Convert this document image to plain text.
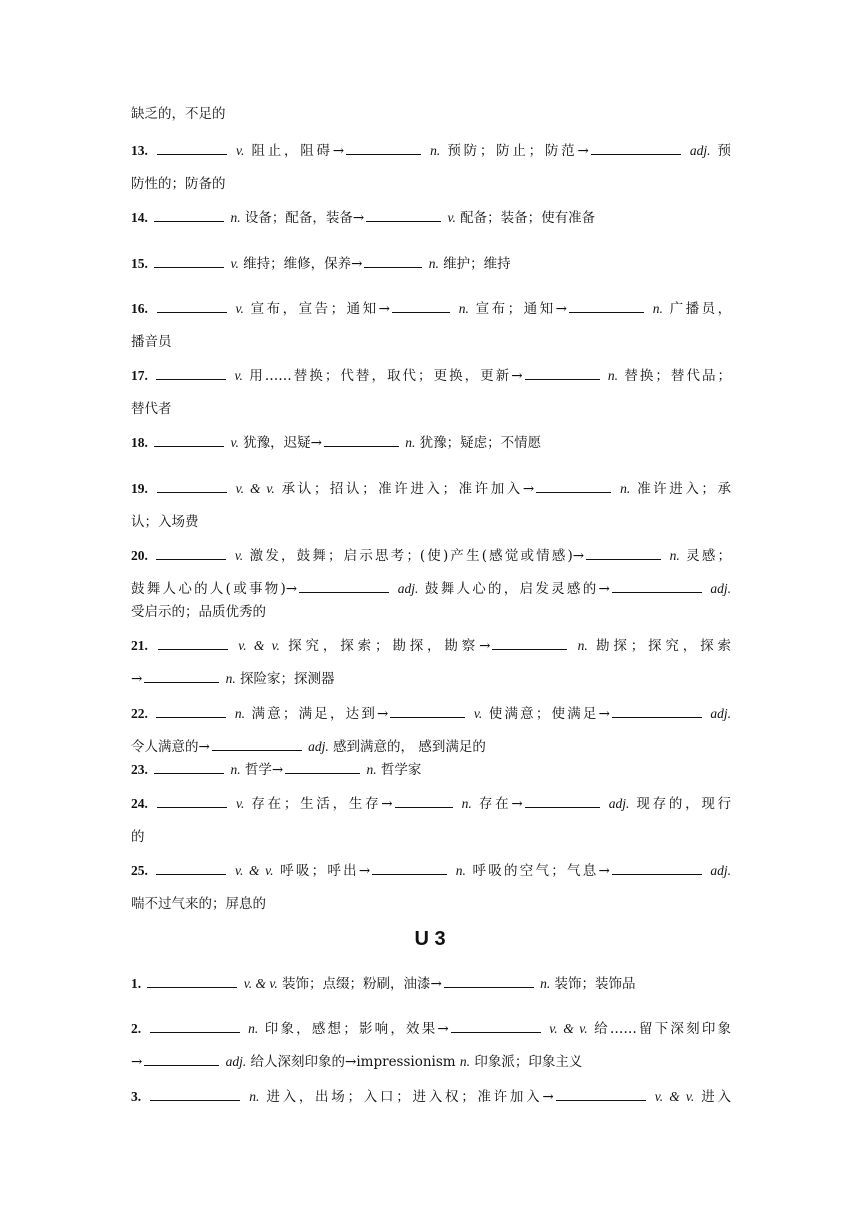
缺乏的，不足的
13.	v. 阻止，阻碍→	n. 预防；防止；防范→	adj. 预
防性的；防备的
14.	n. 设备；配备，装备→	v. 配备；装备；使有准备
15.	v. 维持；维修，保养→	n. 维护；维持
16.	v. 宣布，宣告；通知→	n. 宣布；通知→	n. 广播员，
播音员
17.	v. 用……替换；代替，取代；更换，更新→	n. 替换；替代品；
替代者
18.	v. 犹豫，迟疑→	n. 犹豫；疑虑；不情愿
19.	v. & v. 承认；招认；准许进入；准许加入→	n. 准许进入；承
认；入场费
20.	v. 激发，鼓舞；启示思考；(使)产生(感觉或情感)→	n. 灵感；
鼓舞人心的人(或事物)→	adj. 鼓舞人心的，启发灵感的→	adj.
受启示的；品质优秀的
21.	v. & v. 探究，探索；勘探，勘察→	n. 勘探；探究，探索
→	n. 探险家；探测器
22.	n. 满意；满足，达到→	v. 使满意；使满足→	adj.
令人满意的→	adj. 感到满意的， 感到满足的
23.	n. 哲学→	n. 哲学家
24.	v. 存在；生活，生存→	n. 存在→	adj. 现存的，现行
的
25.	v. & v. 呼吸；呼出→	n. 呼吸的空气；气息→	adj.
喘不过气来的；屏息的
U 3
1.	v. & v. 装饰；点缀；粉刷，油漆→	n. 装饰；装饰品
2.	n. 印象，感想；影响，效果→	v. & v. 给……留下深刻印象
→	adj. 给人深刻印象的→impressionism n. 印象派；印象主义
3.	n. 进入，出场；入口；进入权；准许加入→	v. & v. 进入
